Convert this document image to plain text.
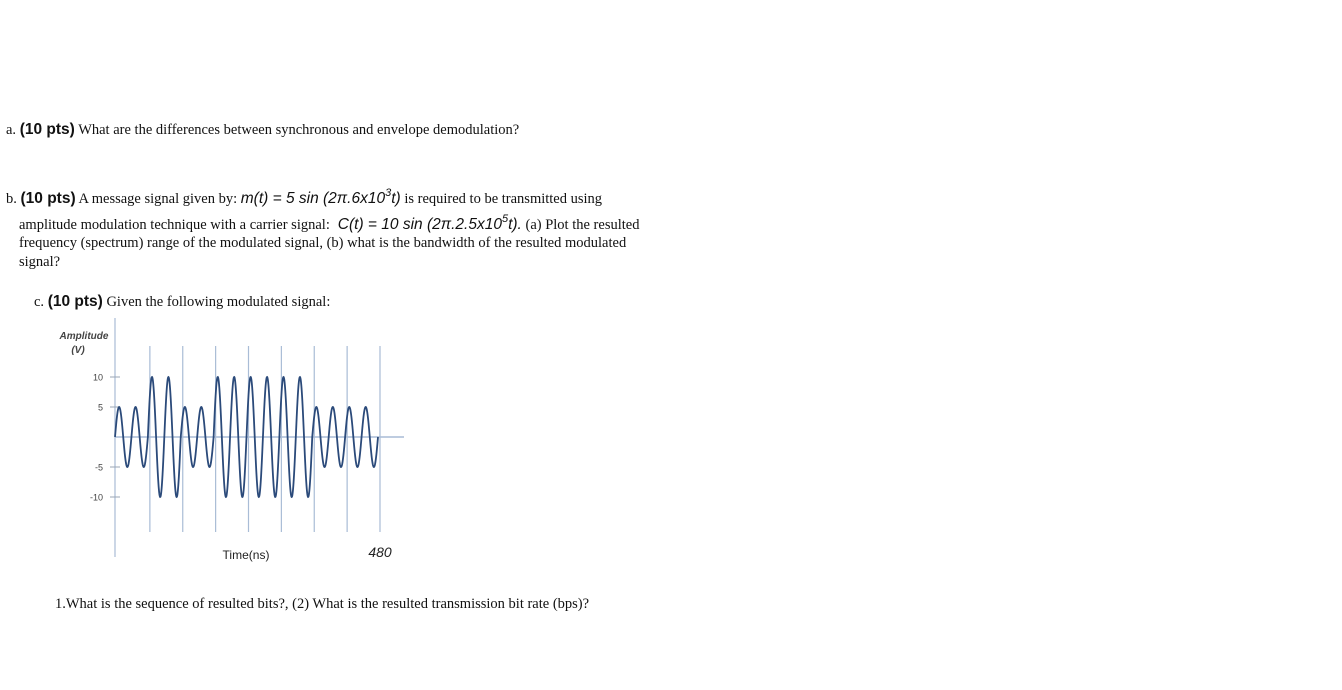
a. (10 pts) What are the differences between synchronous and envelope demodulation?
b. (10 pts) A message signal given by: m(t) = 5 $\sin (2\pi.6x10^3t)$ is required to be transmitted using
amplitude modulation technique with a carrier signal: C(t) = 10 $\sin (2\pi.2.5x10^5t)$. (a) Plot the resulted
frequency (spectrum) range of the modulated signal, (b) what is the bandwidth of the resulted modulated
signal?
c. (10 pts) Given the following modulated signal:
Amplitude
(V)
Time(ns)	480
10
5
-5
-10
1.What is the sequence of resulted bits?, (2) What is the resulted transmission bit rate (bps)?
